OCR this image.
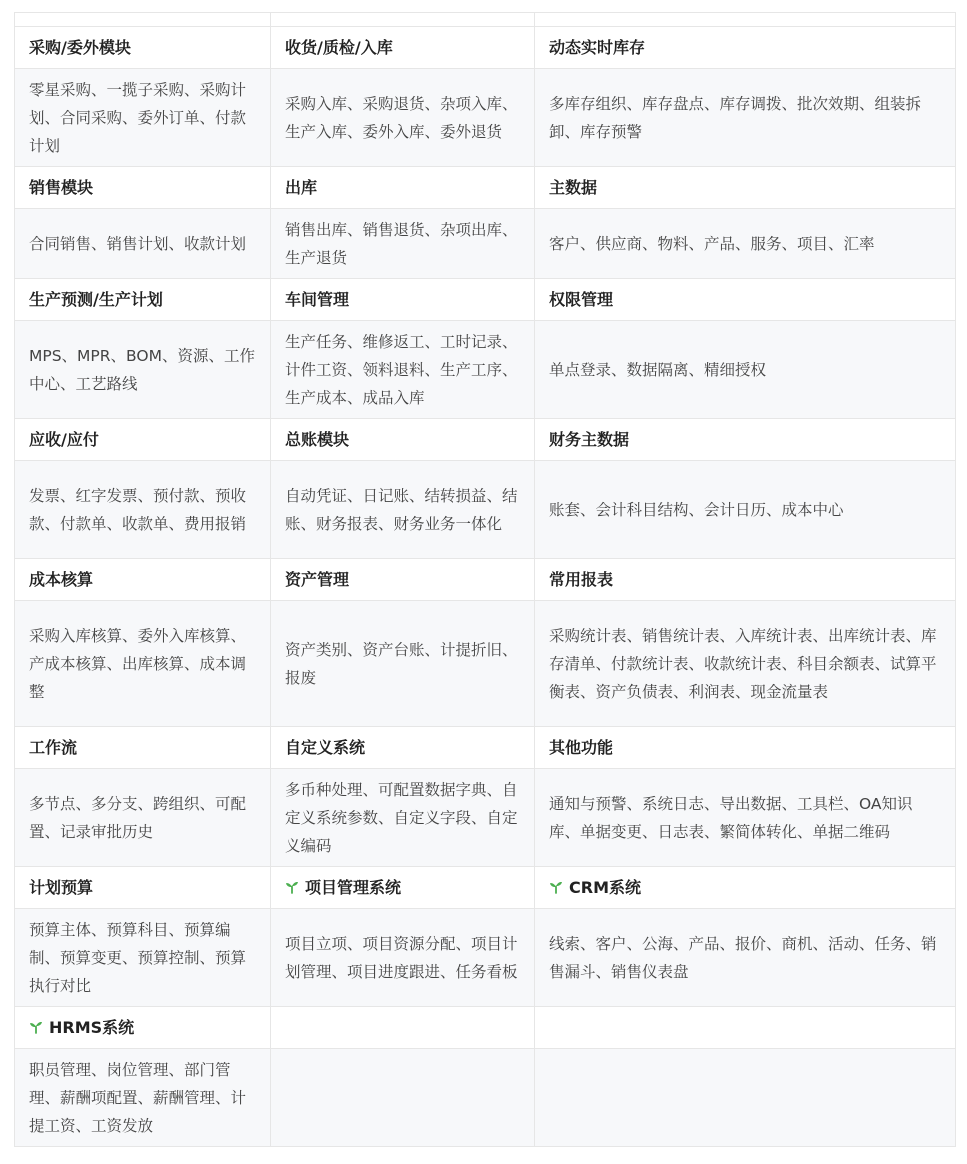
采购/委外模块	收货/质检/入库	动态实时库存
零星采购、一揽子采购、采购计划、合同采购、委外订单、付款计划	采购入库、采购退货、杂项入库、生产入库、委外入库、委外退货	多库存组织、库存盘点、库存调拨、批次效期、组装拆卸、库存预警
销售模块	出库	主数据
合同销售、销售计划、收款计划	销售出库、销售退货、杂项出库、生产退货	客户、供应商、物料、产品、服务、项目、汇率
生产预测/生产计划	车间管理	权限管理
MPS、MPR、BOM、资源、工作中心、工艺路线	生产任务、维修返工、工时记录、计件工资、领料退料、生产工序、生产成本、成品入库	单点登录、数据隔离、精细授权
应收/应付	总账模块	财务主数据
发票、红字发票、预付款、预收款、付款单、收款单、费用报销	自动凭证、日记账、结转损益、结账、财务报表、财务业务一体化	账套、会计科目结构、会计日历、成本中心
成本核算	资产管理	常用报表
采购入库核算、委外入库核算、产成本核算、出库核算、成本调整	资产类别、资产台账、计提折旧、报废	采购统计表、销售统计表、入库统计表、出库统计表、库存清单、付款统计表、收款统计表、科目余额表、试算平衡表、资产负债表、利润表、现金流量表
工作流	自定义系统	其他功能
多节点、多分支、跨组织、可配置、记录审批历史	多币种处理、可配置数据字典、自定义系统参数、自定义字段、自定义编码	通知与预警、系统日志、导出数据、工具栏、OA知识库、单据变更、日志表、繁简体转化、单据二维码
计划预算	项目管理系统	CRM系统
预算主体、预算科目、预算编制、预算变更、预算控制、预算执行对比	项目立项、项目资源分配、项目计划管理、项目进度跟进、任务看板	线索、客户、公海、产品、报价、商机、活动、任务、销售漏斗、销售仪表盘

HRMS系统		
职员管理、岗位管理、部门管理、薪酬项配置、薪酬管理、计提工资、工资发放		
